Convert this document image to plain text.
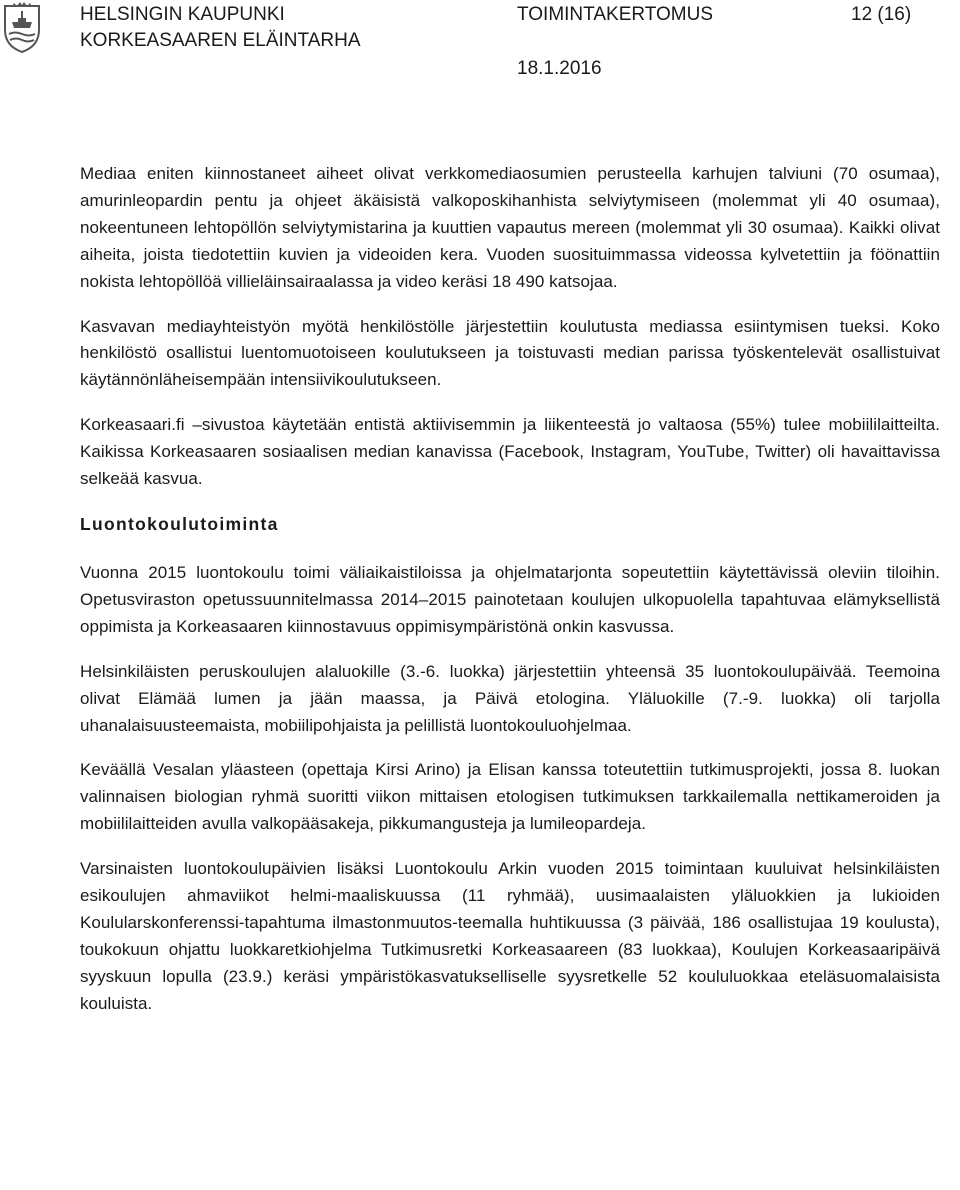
HELSINGIN KAUPUNKI
KORKEASAAREN ELÄINTARHA
TOIMINTAKERTOMUS	12 (16)
18.1.2016

Mediaa eniten kiinnostaneet aiheet olivat verkkomediaosumien perusteella karhujen talviuni (70 osumaa), amurinleopardin pentu ja ohjeet äkäisistä valkoposkihanhista selviytymiseen (molemmat yli 40 osumaa), nokeentuneen lehtopöllön selviytymistarina ja kuuttien vapautus mereen (molemmat yli 30 osumaa). Kaikki olivat aiheita, joista tiedotettiin kuvien ja videoiden kera. Vuoden suosituimmassa videossa kylvetettiin ja föönattiin nokista lehtopöllöä villieläinsairaalassa ja video keräsi 18 490 katsojaa.

Kasvavan mediayhteistyön myötä henkilöstölle järjestettiin koulutusta mediassa esiintymisen tueksi. Koko henkilöstö osallistui luentomuotoiseen koulutukseen ja toistuvasti median parissa työskentelevät osallistuivat käytännönläheisempään intensiivikoulutukseen.

Korkeasaari.fi –sivustoa käytetään entistä aktiivisemmin ja liikenteestä jo valtaosa (55%) tulee mobiililaitteilta. Kaikissa Korkeasaaren sosiaalisen median kanavissa (Facebook, Instagram, YouTube, Twitter) oli havaittavissa selkeää kasvua.

Luontokoulutoiminta

Vuonna 2015 luontokoulu toimi väliaikaistiloissa ja ohjelmatarjonta sopeutettiin käytettävissä oleviin tiloihin. Opetusviraston opetussuunnitelmassa 2014–2015 painotetaan koulujen ulkopuolella tapahtuvaa elämyksellistä oppimista ja Korkeasaaren kiinnostavuus oppimisympäristönä onkin kasvussa.

Helsinkiläisten peruskoulujen alaluokille (3.-6. luokka) järjestettiin yhteensä 35 luontokoulupäivää. Teemoina olivat Elämää lumen ja jään maassa, ja Päivä etologina. Yläluokille (7.-9. luokka) oli tarjolla uhanalaisuusteemaista, mobiilipohjaista ja pelillistä luontokouluohjelmaa.

Keväällä Vesalan yläasteen (opettaja Kirsi Arino) ja Elisan kanssa toteutettiin tutkimusprojekti, jossa 8. luokan valinnaisen biologian ryhmä suoritti viikon mittaisen etologisen tutkimuksen tarkkailemalla nettikameroiden ja mobiililaitteiden avulla valkopääsakeja, pikkumangusteja ja lumileopardeja.

Varsinaisten luontokoulupäivien lisäksi Luontokoulu Arkin vuoden 2015 toimintaan kuuluivat helsinkiläisten esikoulujen ahmaviikot helmi-maaliskuussa (11 ryhmää), uusimaalaisten yläluokkien ja lukioiden Koulularskonferenssi-tapahtuma ilmastonmuutos-teemalla huhtikuussa (3 päivää, 186 osallistujaa 19 koulusta), toukokuun ohjattu luokkaretkiohjelma Tutkimusretki Korkeasaareen (83 luokkaa), Koulujen Korkeasaaripäivä syyskuun lopulla (23.9.) keräsi ympäristökasvatukselliselle syysretkelle 52 koululuokkaa eteläsuomalaisista kouluista.
